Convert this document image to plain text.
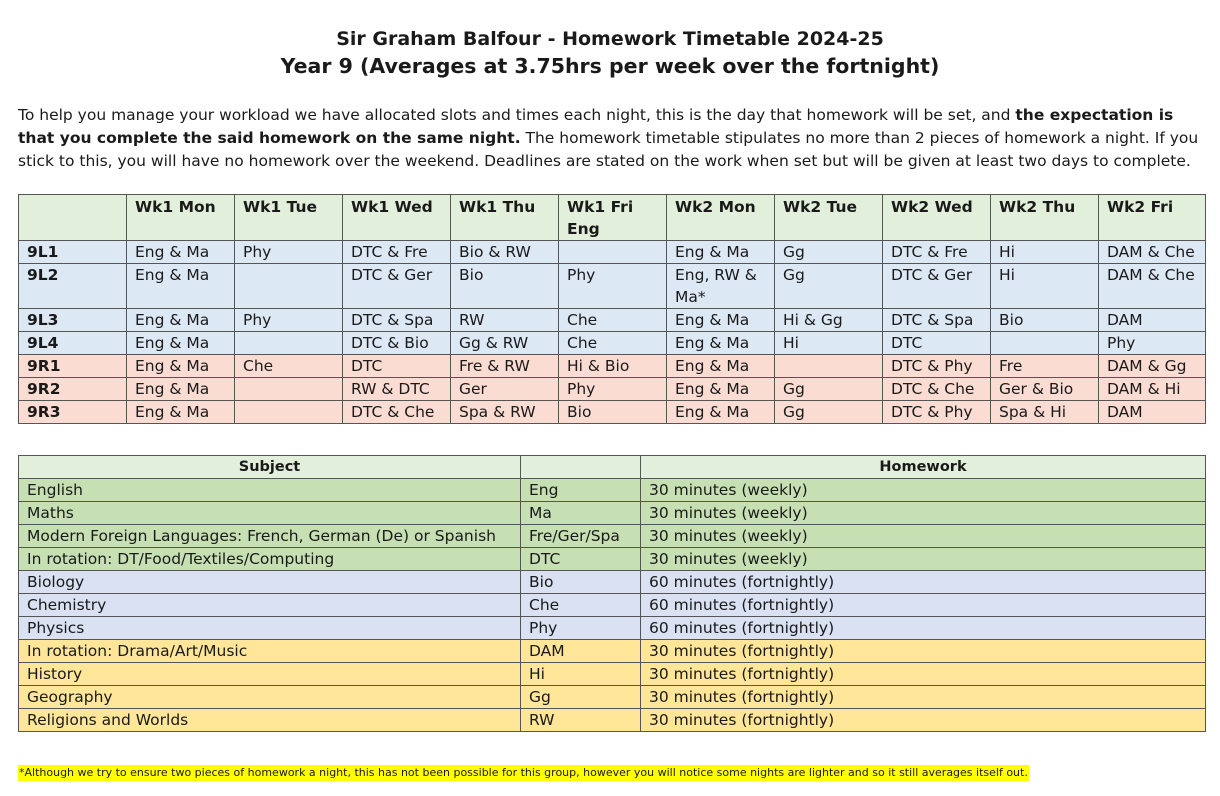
Sir Graham Balfour - Homework Timetable 2024-25
Year 9 (Averages at 3.75hrs per week over the fortnight)

To help you manage your workload we have allocated slots and times each night, this is the day that homework will be set, and the expectation is that you complete the said homework on the same night. The homework timetable stipulates no more than 2 pieces of homework a night. If you stick to this, you will have no homework over the weekend. Deadlines are stated on the work when set but will be given at least two days to complete.

	Wk1 Mon	Wk1 Tue	Wk1 Wed	Wk1 Thu	Wk1 Fri Eng	Wk2 Mon	Wk2 Tue	Wk2 Wed	Wk2 Thu	Wk2 Fri
9L1	Eng & Ma	Phy	DTC & Fre	Bio & RW		Eng & Ma	Gg	DTC & Fre	Hi	DAM & Che
9L2	Eng & Ma		DTC & Ger	Bio	Phy	Eng, RW & Ma*	Gg	DTC & Ger	Hi	DAM & Che
9L3	Eng & Ma	Phy	DTC & Spa	RW	Che	Eng & Ma	Hi & Gg	DTC & Spa	Bio	DAM
9L4	Eng & Ma		DTC & Bio	Gg & RW	Che	Eng & Ma	Hi	DTC		Phy
9R1	Eng & Ma	Che	DTC	Fre & RW	Hi & Bio	Eng & Ma		DTC & Phy	Fre	DAM & Gg
9R2	Eng & Ma		RW & DTC	Ger	Phy	Eng & Ma	Gg	DTC & Che	Ger & Bio	DAM & Hi
9R3	Eng & Ma		DTC & Che	Spa & RW	Bio	Eng & Ma	Gg	DTC & Phy	Spa & Hi	DAM
Subject		Homework
English	Eng	30 minutes (weekly)
Maths	Ma	30 minutes (weekly)
Modern Foreign Languages: French, German (De) or Spanish	Fre/Ger/Spa	30 minutes (weekly)
In rotation: DT/Food/Textiles/Computing	DTC	30 minutes (weekly)
Biology	Bio	60 minutes (fortnightly)
Chemistry	Che	60 minutes (fortnightly)
Physics	Phy	60 minutes (fortnightly)
In rotation: Drama/Art/Music	DAM	30 minutes (fortnightly)
History	Hi	30 minutes (fortnightly)
Geography	Gg	30 minutes (fortnightly)
Religions and Worlds	RW	30 minutes (fortnightly)
*Although we try to ensure two pieces of homework a night, this has not been possible for this group, however you will notice some nights are lighter and so it still averages itself out.
